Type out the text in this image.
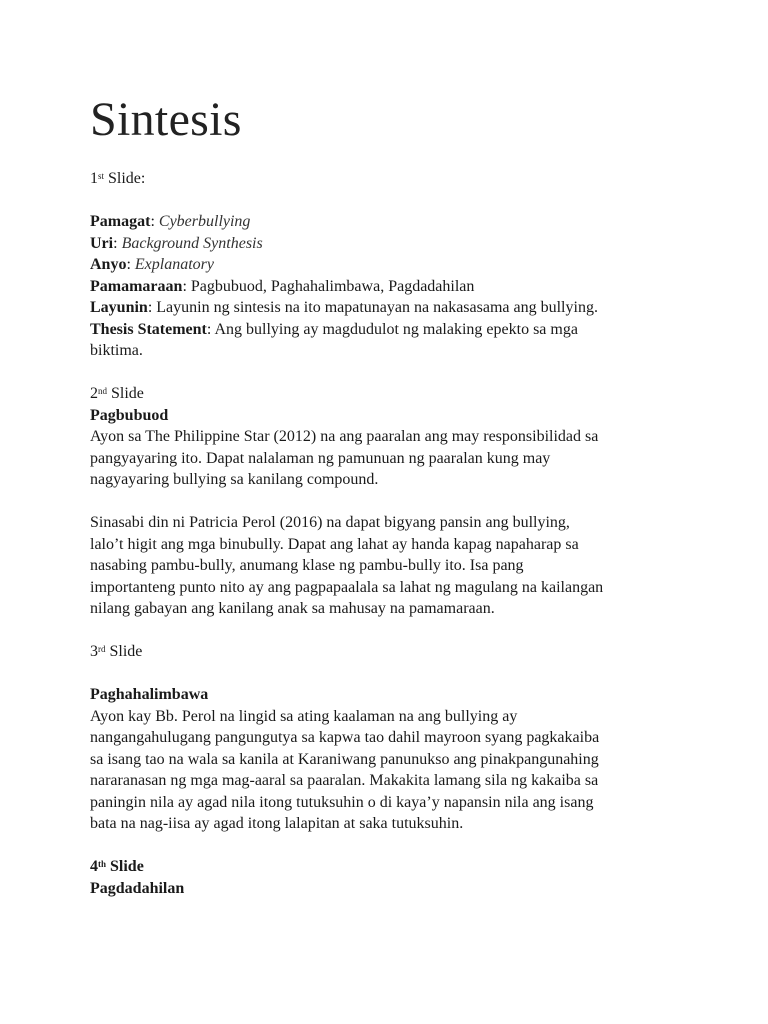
Sintesis

1st Slide:

Pamagat: Cyberbullying

Uri: Background Synthesis

Anyo: Explanatory

Pamamaraan: Pagbubuod, Paghahalimbawa, Pagdadahilan

Layunin: Layunin ng sintesis na ito mapatunayan na nakasasama ang bullying.

Thesis Statement: Ang bullying ay magdudulot ng malaking epekto sa mga

biktima.

2nd Slide

Pagbubuod

Ayon sa The Philippine Star (2012) na ang paaralan ang may responsibilidad sa

pangyayaring ito. Dapat nalalaman ng pamunuan ng paaralan kung may

nagyayaring bullying sa kanilang compound.

Sinasabi din ni Patricia Perol (2016) na dapat bigyang pansin ang bullying,

lalo’t higit ang mga binubully. Dapat ang lahat ay handa kapag napaharap sa

nasabing pambu-bully, anumang klase ng pambu-bully ito. Isa pang

importanteng punto nito ay ang pagpapaalala sa lahat ng magulang na kailangan

nilang gabayan ang kanilang anak sa mahusay na pamamaraan.

3rd Slide

Paghahalimbawa

Ayon kay Bb. Perol na lingid sa ating kaalaman na ang bullying ay

nangangahulugang pangungutya sa kapwa tao dahil mayroon syang pagkakaiba

sa isang tao na wala sa kanila at Karaniwang panunukso ang pinakpangunahing

nararanasan ng mga mag-aaral sa paaralan. Makakita lamang sila ng kakaiba sa

paningin nila ay agad nila itong tutuksuhin o di kaya’y napansin nila ang isang

bata na nag-iisa ay agad itong lalapitan at saka tutuksuhin.

4th Slide

Pagdadahilan
